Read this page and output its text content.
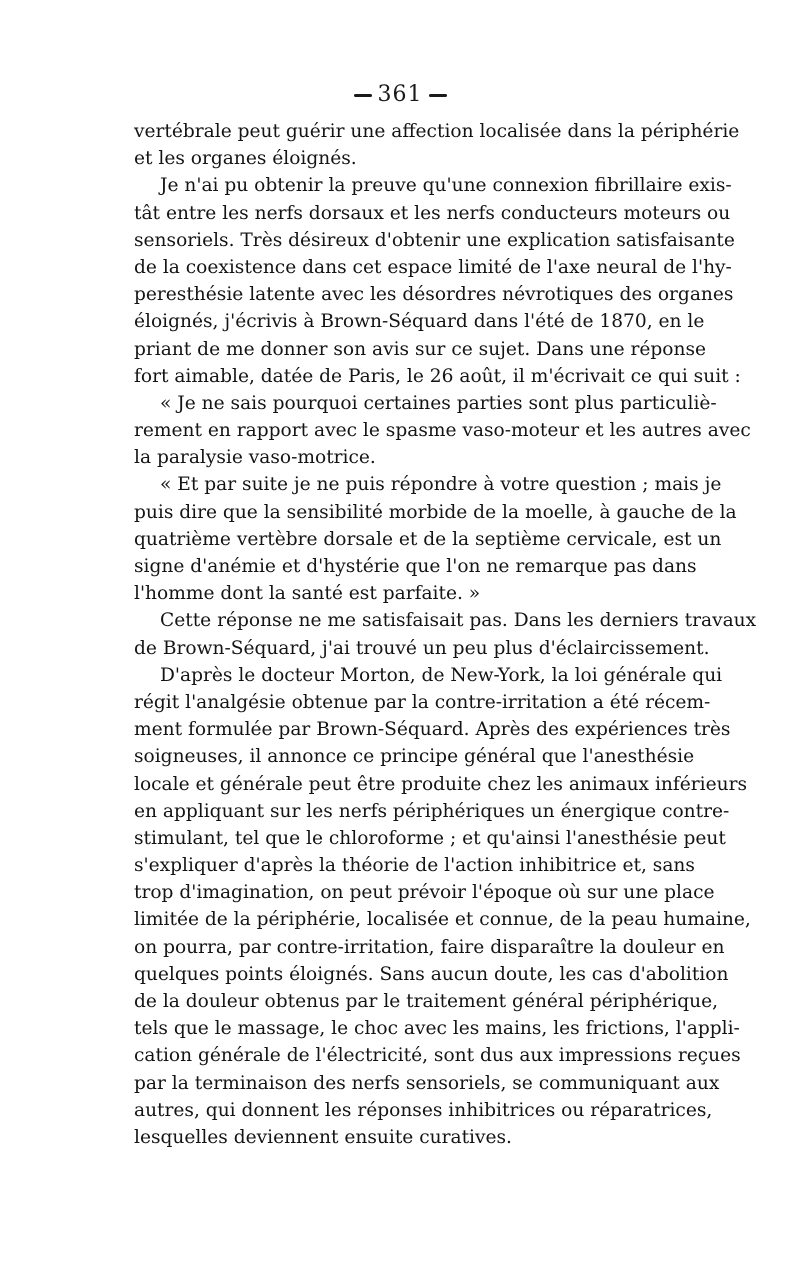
361
vertébrale peut guérir une affection localisée dans la périphérie
et les organes éloignés.
Je n'ai pu obtenir la preuve qu'une connexion fibrillaire exis-
tât entre les nerfs dorsaux et les nerfs conducteurs moteurs ou
sensoriels. Très désireux d'obtenir une explication satisfaisante
de la coexistence dans cet espace limité de l'axe neural de l'hy-
peresthésie latente avec les désordres névrotiques des organes
éloignés, j'écrivis à Brown-Séquard dans l'été de 1870, en le
priant de me donner son avis sur ce sujet. Dans une réponse
fort aimable, datée de Paris, le 26 août, il m'écrivait ce qui suit :
« Je ne sais pourquoi certaines parties sont plus particuliè-
rement en rapport avec le spasme vaso-moteur et les autres avec
la paralysie vaso-motrice.
« Et par suite je ne puis répondre à votre question ; mais je
puis dire que la sensibilité morbide de la moelle, à gauche de la
quatrième vertèbre dorsale et de la septième cervicale, est un
signe d'anémie et d'hystérie que l'on ne remarque pas dans
l'homme dont la santé est parfaite. »
Cette réponse ne me satisfaisait pas. Dans les derniers travaux
de Brown-Séquard, j'ai trouvé un peu plus d'éclaircissement.
D'après le docteur Morton, de New-York, la loi générale qui
régit l'analgésie obtenue par la contre-irritation a été récem-
ment formulée par Brown-Séquard. Après des expériences très
soigneuses, il annonce ce principe général que l'anesthésie
locale et générale peut être produite chez les animaux inférieurs
en appliquant sur les nerfs périphériques un énergique contre-
stimulant, tel que le chloroforme ; et qu'ainsi l'anesthésie peut
s'expliquer d'après la théorie de l'action inhibitrice et, sans
trop d'imagination, on peut prévoir l'époque où sur une place
limitée de la périphérie, localisée et connue, de la peau humaine,
on pourra, par contre-irritation, faire disparaître la douleur en
quelques points éloignés. Sans aucun doute, les cas d'abolition
de la douleur obtenus par le traitement général périphérique,
tels que le massage, le choc avec les mains, les frictions, l'appli-
cation générale de l'électricité, sont dus aux impressions reçues
par la terminaison des nerfs sensoriels, se communiquant aux
autres, qui donnent les réponses inhibitrices ou réparatrices,
lesquelles deviennent ensuite curatives.
